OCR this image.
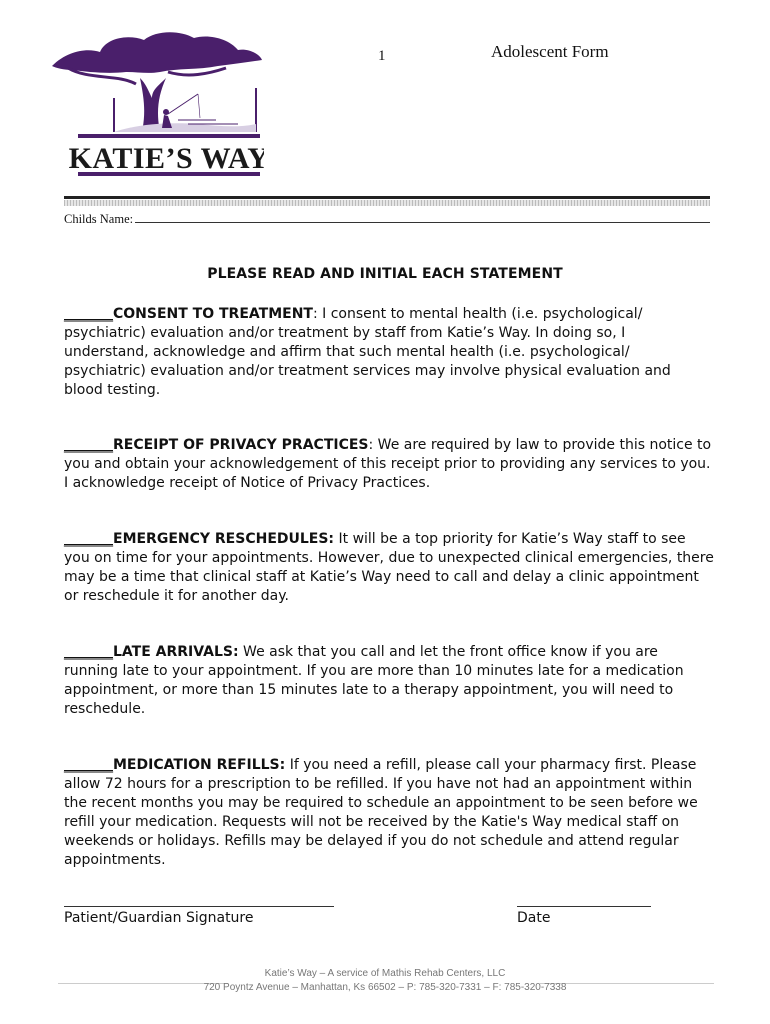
KATIE’S WAY
1	Adolescent Form
Childs Name:
PLEASE READ AND INITIAL EACH STATEMENT
_______CONSENT TO TREATMENT: I consent to mental health (i.e. psychological/ psychiatric) evaluation and/or treatment by staff from Katie’s Way. In doing so, I understand, acknowledge and affirm that such mental health (i.e. psychological/ psychiatric) evaluation and/or treatment services may involve physical evaluation and blood testing.
_______RECEIPT OF PRIVACY PRACTICES: We are required by law to provide this notice to you and obtain your acknowledgement of this receipt prior to providing any services to you. I acknowledge receipt of Notice of Privacy Practices.
_______EMERGENCY RESCHEDULES: It will be a top priority for Katie’s Way staff to see you on time for your appointments. However, due to unexpected clinical emergencies, there may be a time that clinical staff at Katie’s Way need to call and delay a clinic appointment or reschedule it for another day.
_______LATE ARRIVALS: We ask that you call and let the front office know if you are running late to your appointment. If you are more than 10 minutes late for a medication appointment, or more than 15 minutes late to a therapy appointment, you will need to reschedule.
_______MEDICATION REFILLS: If you need a refill, please call your pharmacy first. Please allow 72 hours for a prescription to be refilled. If you have not had an appointment within the recent months you may be required to schedule an appointment to be seen before we refill your medication. Requests will not be received by the Katie's Way medical staff on weekends or holidays. Refills may be delayed if you do not schedule and attend regular appointments.
Patient/Guardian Signature	Date
Katie’s Way – A service of Mathis Rehab Centers, LLC
720 Poyntz Avenue – Manhattan, Ks 66502 – P: 785-320-7331 – F: 785-320-7338
